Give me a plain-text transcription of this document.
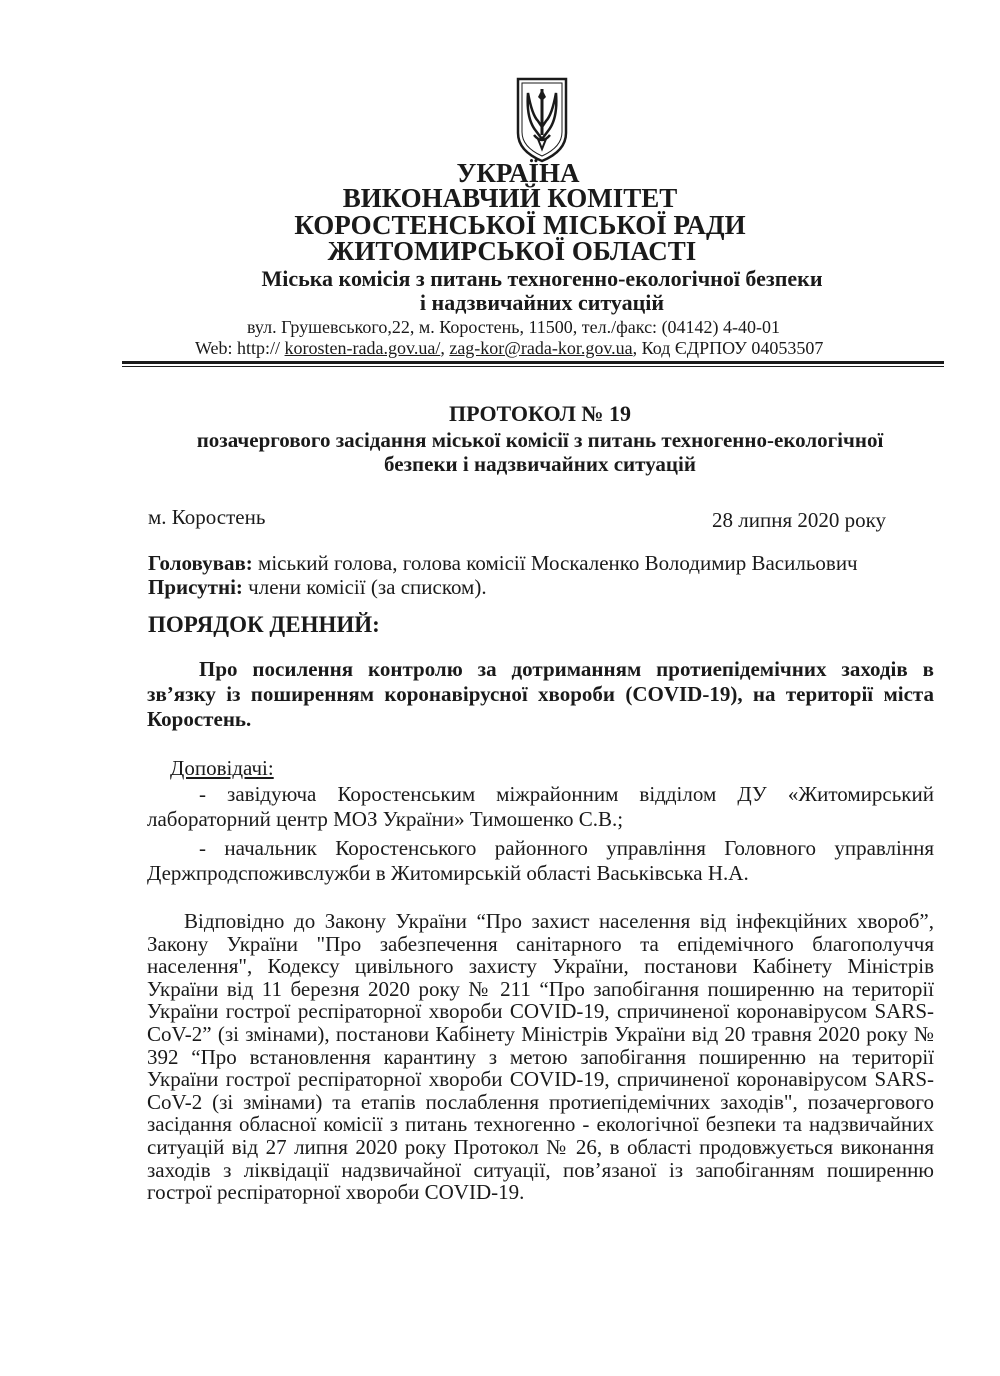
УКРАЇНА
ВИКОНАВЧИЙ КОМІТЕТ
КОРОСТЕНСЬКОЇ МІСЬКОЇ РАДИ
ЖИТОМИРСЬКОЇ ОБЛАСТІ
Міська комісія з питань техногенно-екологічної безпеки
і надзвичайних ситуацій
вул. Грушевського,22, м. Коростень, 11500, тел./факс: (04142) 4-40-01
Web: http:// korosten-rada.gov.ua/, zag-kor@rada-kor.gov.ua, Код ЄДРПОУ 04053507
ПРОТОКОЛ № 19
позачергового засідання міської комісії з питань техногенно-екологічної
безпеки і надзвичайних ситуацій
м. Коростень	28 липня 2020 року
Головував: міський голова, голова комісії Москаленко Володимир Васильович
Присутні: члени комісії (за списком).
ПОРЯДОК ДЕННИЙ:
Про посилення контролю за дотриманням протиепідемічних заходів в зв’язку із поширенням коронавірусної хвороби (COVID-19), на території міста Коростень.
Доповідачі:
- завідуюча Коростенським міжрайонним відділом ДУ «Житомирський лабораторний центр МОЗ України» Тимошенко С.В.;
- начальник Коростенського районного управління Головного управління Держпродспоживслужби в Житомирській області Васьківська Н.А.
Відповідно до Закону України “Про захист населення від інфекційних хвороб”, Закону України "Про забезпечення санітарного та епідемічного благополуччя населення", Кодексу цивільного захисту України, постанови Кабінету Міністрів України від 11 березня 2020 року № 211 “Про запобігання поширенню на території України гострої респіраторної хвороби COVID-19, спричиненої коронавірусом SARS-CoV-2” (зі змінами), постанови Кабінету Міністрів України від 20 травня 2020 року № 392 “Про встановлення карантину з метою запобігання поширенню на території України гострої респіраторної хвороби COVID-19, спричиненої коронавірусом SARS-CoV-2 (зі змінами) та етапів послаблення протиепідемічних заходів", позачергового засідання обласної комісії з питань техногенно - екологічної безпеки та надзвичайних ситуацій від 27 липня 2020 року Протокол № 26, в області продовжується виконання заходів з ліквідації надзвичайної ситуації, пов’язаної із запобіганням поширенню гострої респіраторної хвороби COVID-19.
